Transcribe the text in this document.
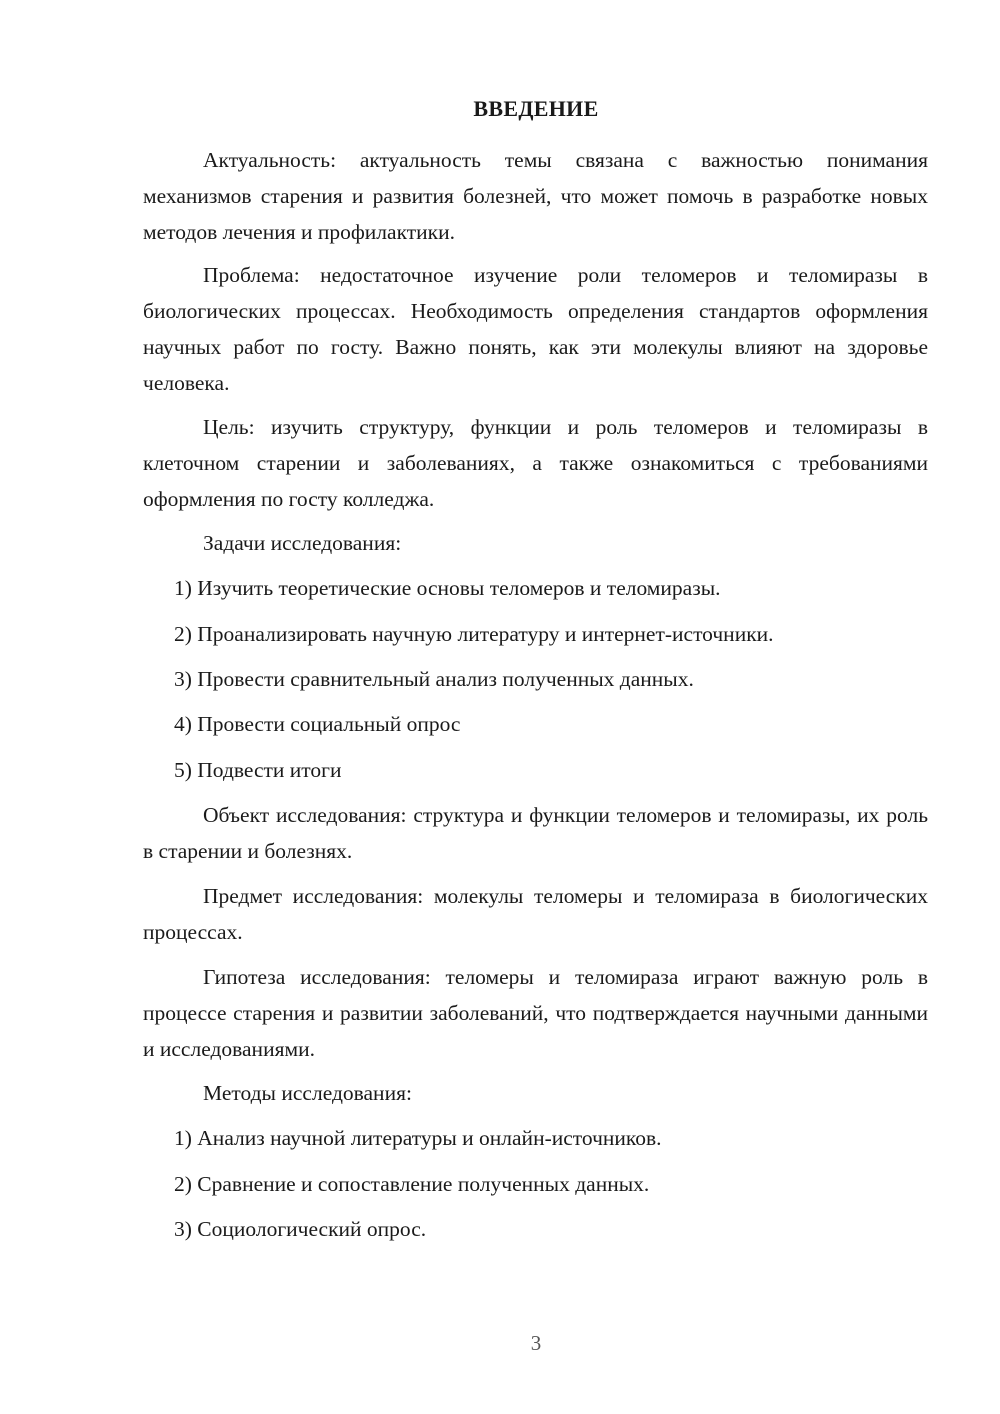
ВВЕДЕНИЕ

Актуальность: актуальность темы связана с важностью понимания механизмов старения и развития болезней, что может помочь в разработке новых методов лечения и профилактики.

Проблема: недостаточное изучение роли теломеров и теломиразы в биологических процессах. Необходимость определения стандартов оформления научных работ по госту. Важно понять, как эти молекулы влияют на здоровье человека.

Цель: изучить структуру, функции и роль теломеров и теломиразы в клеточном старении и заболеваниях, а также ознакомиться с требованиями оформления по госту колледжа.

Задачи исследования:

1) Изучить теоретические основы теломеров и теломиразы.

2) Проанализировать научную литературу и интернет-источники.

3) Провести сравнительный анализ полученных данных.

4) Провести социальный опрос

5) Подвести итоги

Объект исследования: структура и функции теломеров и теломиразы, их роль в старении и болезнях.

Предмет исследования: молекулы теломеры и теломираза в биологических процессах.

Гипотеза исследования: теломеры и теломираза играют важную роль в процессе старения и развитии заболеваний, что подтверждается научными данными и исследованиями.

Методы исследования:

1) Анализ научной литературы и онлайн-источников.

2) Сравнение и сопоставление полученных данных.

3) Социологический опрос.

3
